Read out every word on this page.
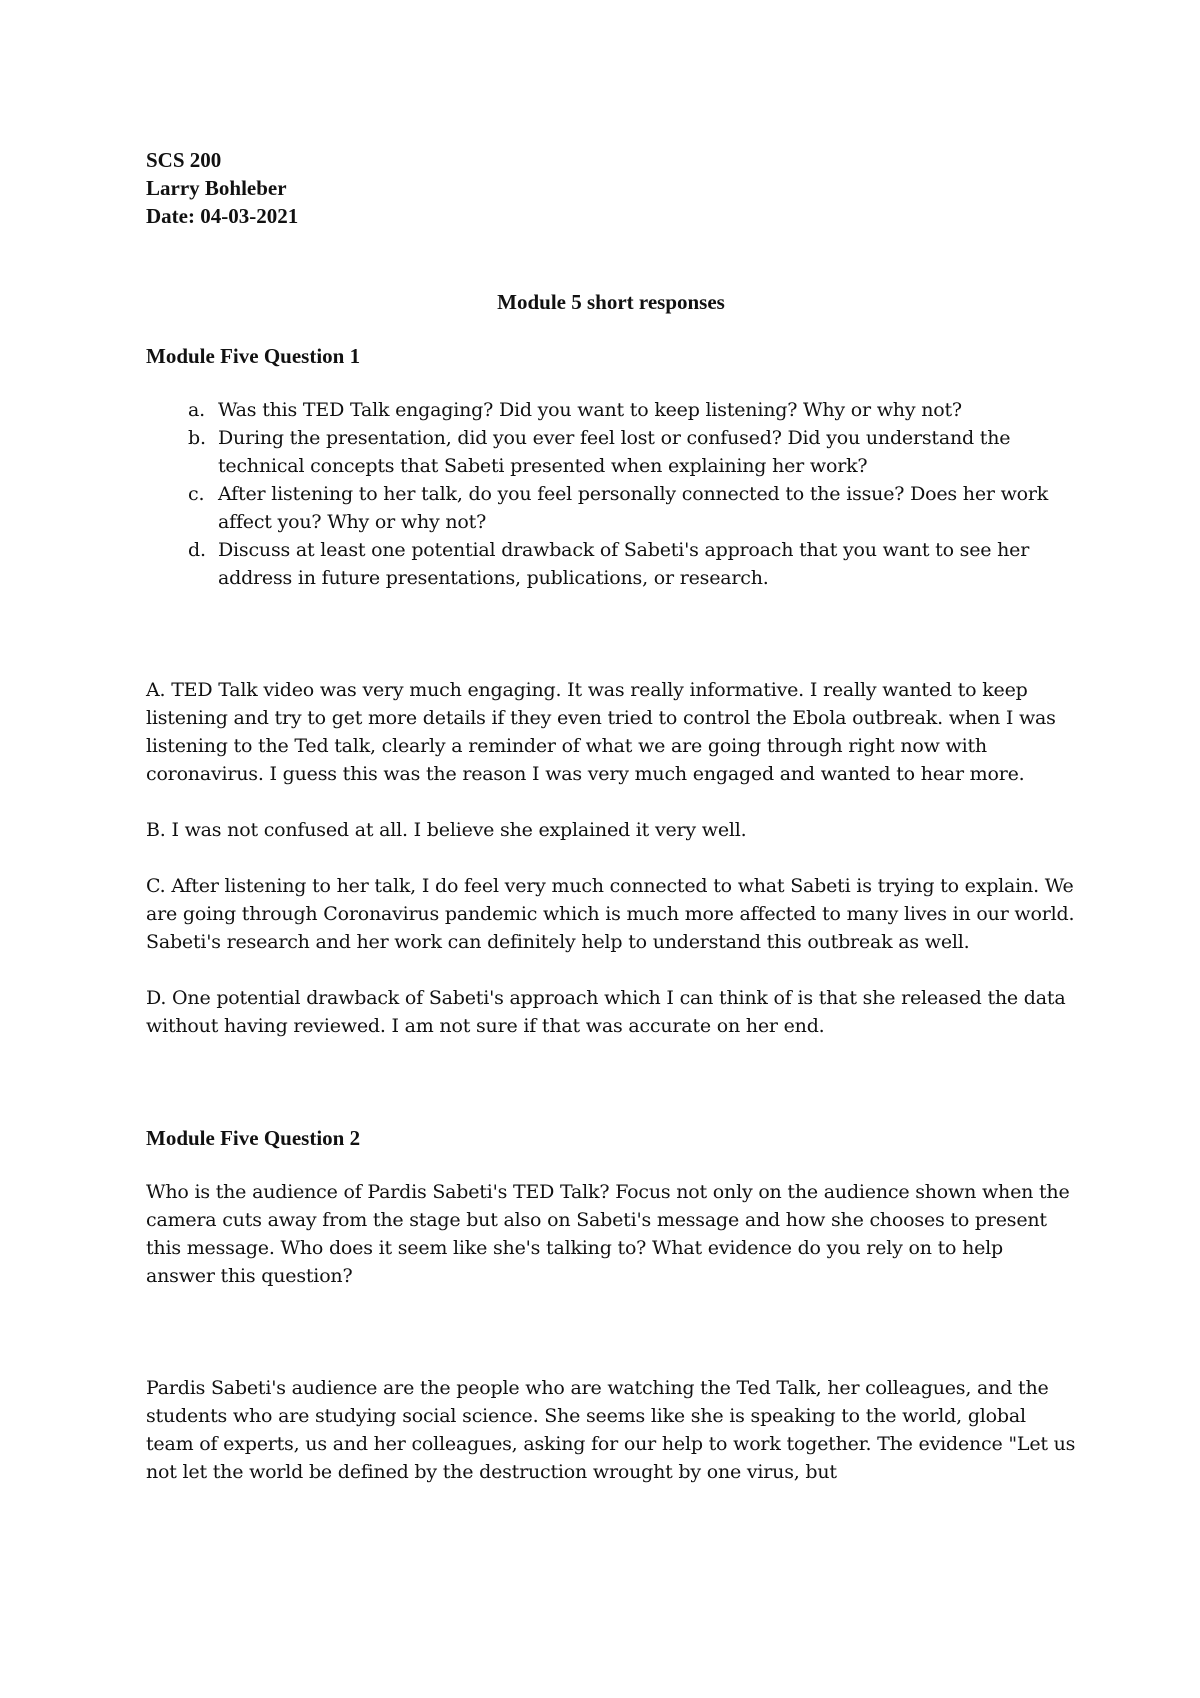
SCS 200
Larry Bohleber
Date: 04-03-2021
Module 5 short responses
Module Five Question 1
a. Was this TED Talk engaging? Did you want to keep listening? Why or why not?
b. During the presentation, did you ever feel lost or confused? Did you understand the technical concepts that Sabeti presented when explaining her work?
c. After listening to her talk, do you feel personally connected to the issue? Does her work affect you? Why or why not?
d. Discuss at least one potential drawback of Sabeti's approach that you want to see her address in future presentations, publications, or research.

A. TED Talk video was very much engaging. It was really informative. I really wanted to keep listening and try to get more details if they even tried to control the Ebola outbreak. when I was listening to the Ted talk, clearly a reminder of what we are going through right now with coronavirus. I guess this was the reason I was very much engaged and wanted to hear more.

B. I was not confused at all. I believe she explained it very well.

C. After listening to her talk, I do feel very much connected to what Sabeti is trying to explain. We are going through Coronavirus pandemic which is much more affected to many lives in our world. Sabeti's research and her work can definitely help to understand this outbreak as well.

D. One potential drawback of Sabeti's approach which I can think of is that she released the data without having reviewed. I am not sure if that was accurate on her end.

Module Five Question 2

Who is the audience of Pardis Sabeti's TED Talk? Focus not only on the audience shown when the camera cuts away from the stage but also on Sabeti's message and how she chooses to present this message. Who does it seem like she's talking to? What evidence do you rely on to help answer this question?

Pardis Sabeti's audience are the people who are watching the Ted Talk, her colleagues, and the students who are studying social science. She seems like she is speaking to the world, global team of experts, us and her colleagues, asking for our help to work together. The evidence "Let us not let the world be defined by the destruction wrought by one virus, but
